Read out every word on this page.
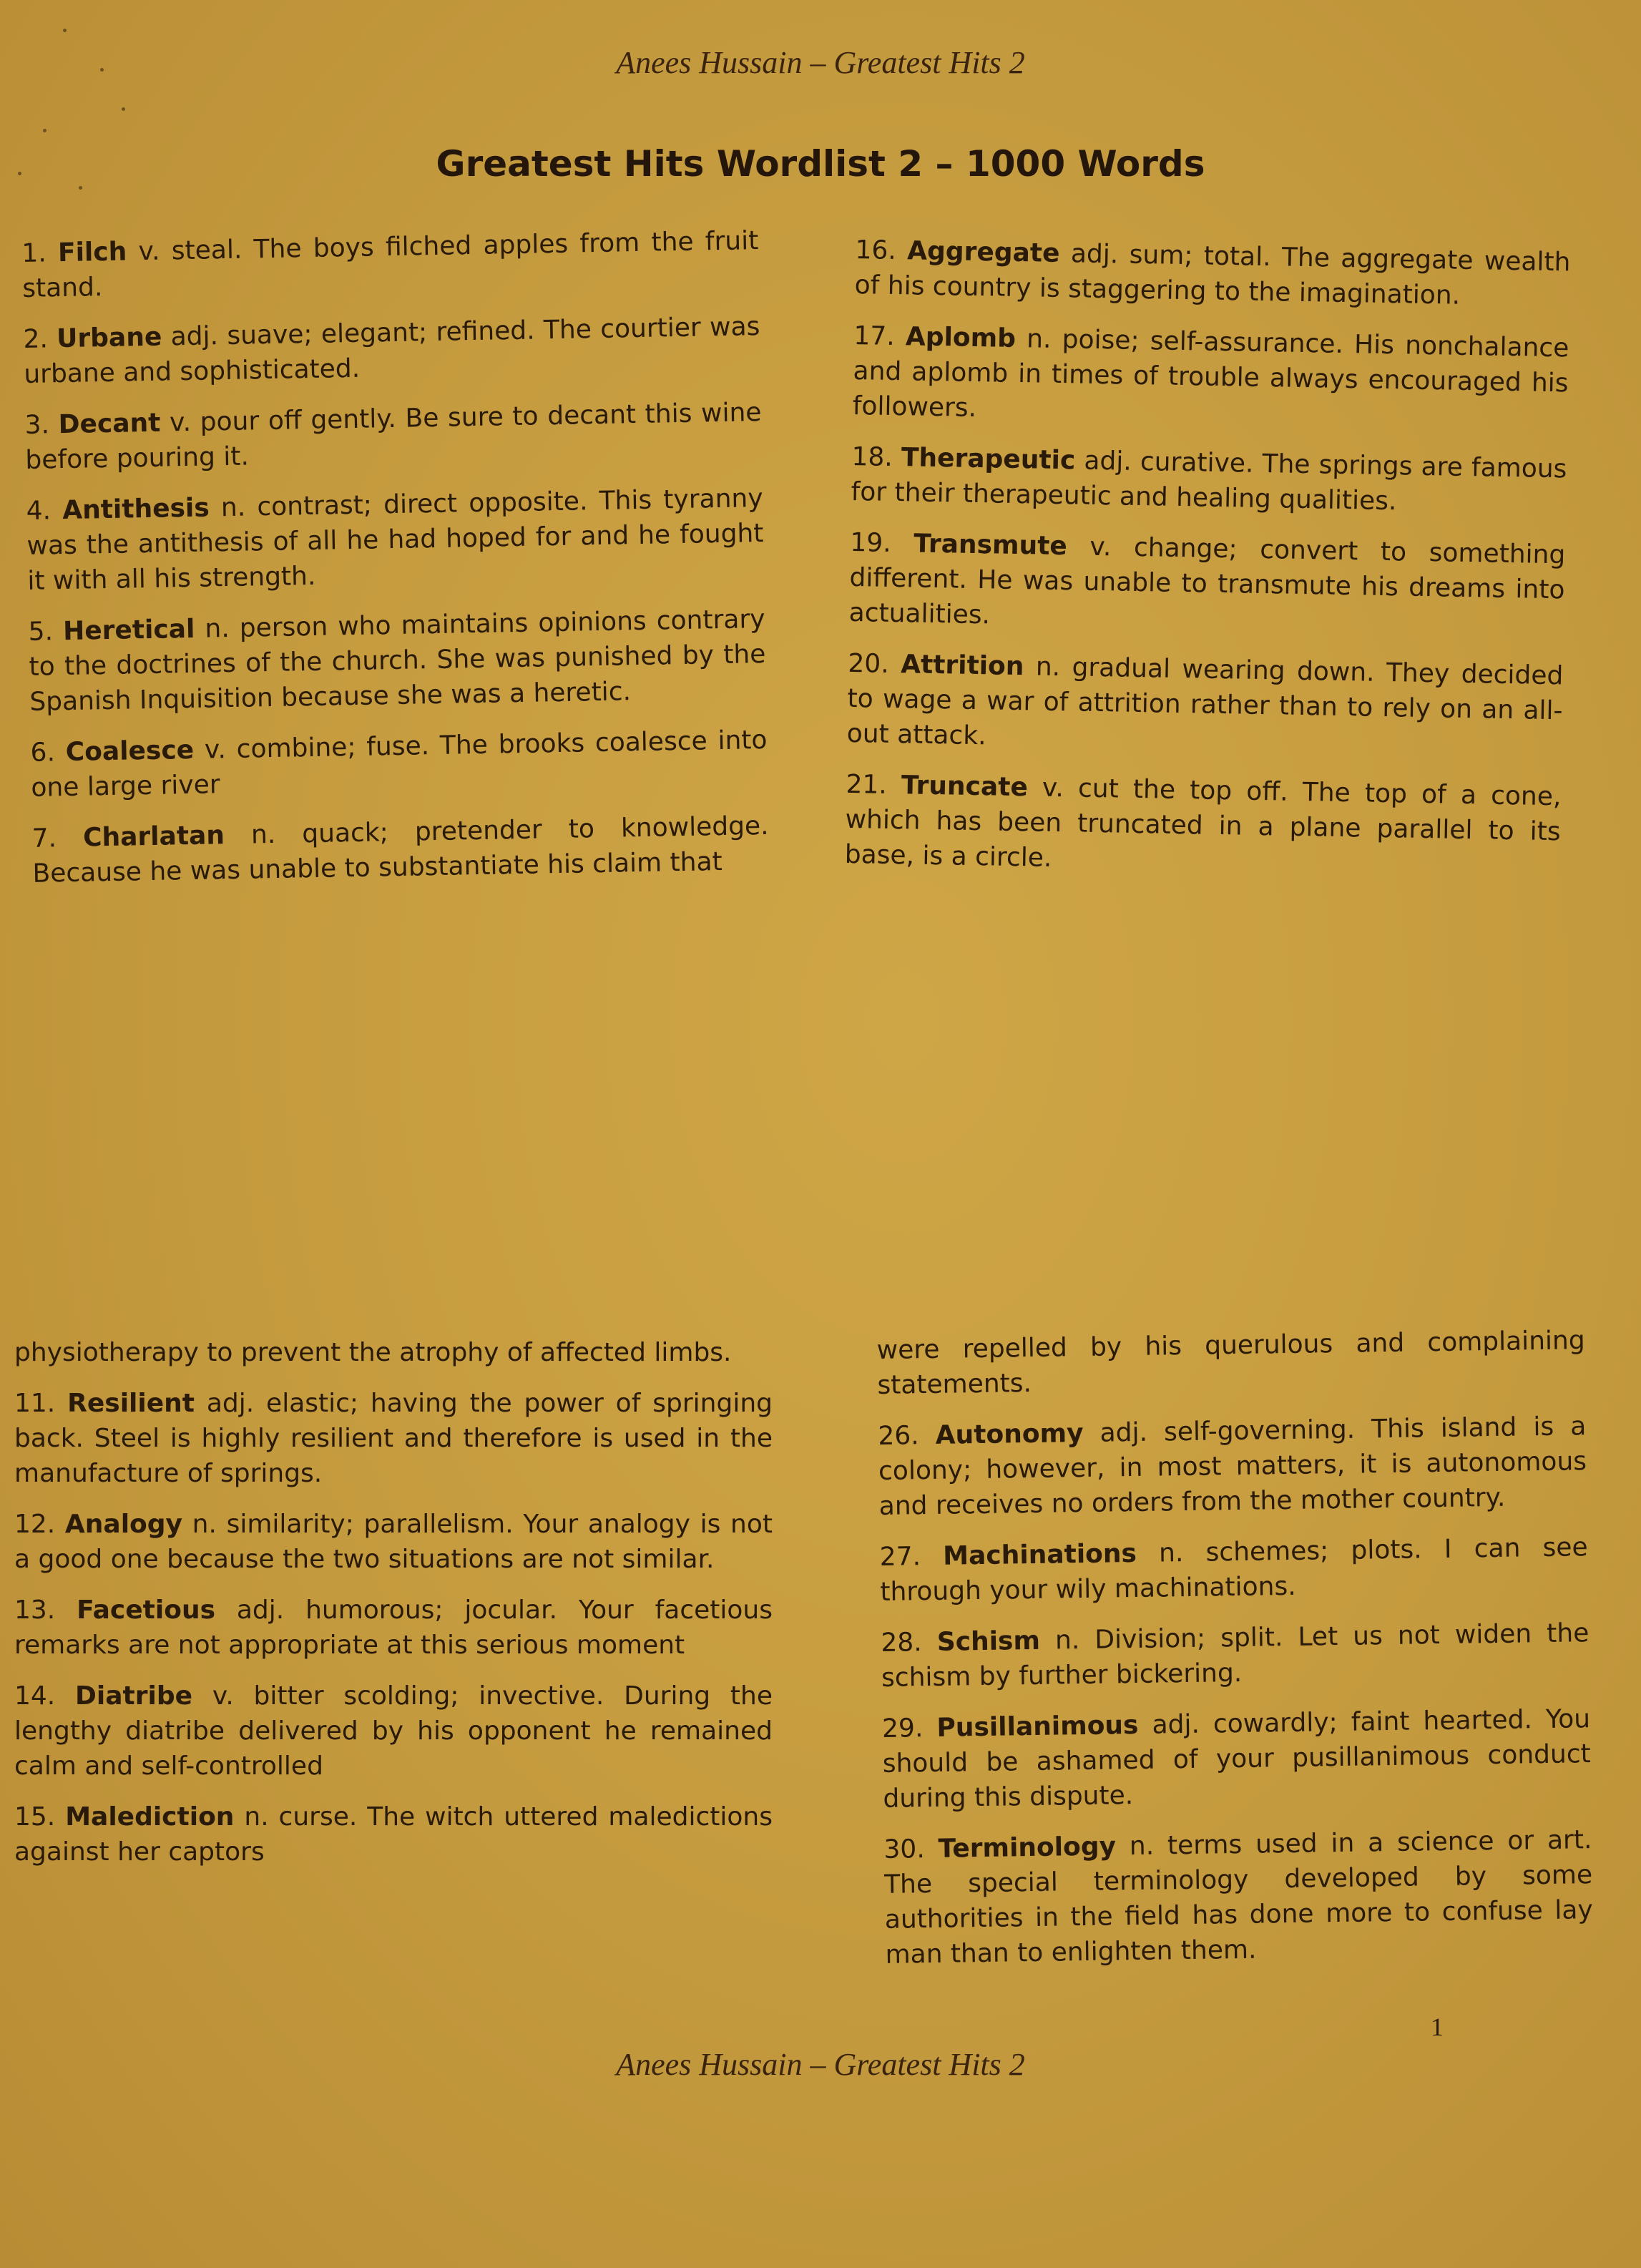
Anees Hussain – Greatest Hits 2
Greatest Hits Wordlist 2 – 1000 Words
1. Filch v. steal. The boys filched apples from the fruit stand.
2. Urbane adj. suave; elegant; refined. The courtier was urbane and sophisticated.
3. Decant v. pour off gently. Be sure to decant this wine before pouring it.
4. Antithesis n. contrast; direct opposite. This tyranny was the antithesis of all he had hoped for and he fought it with all his strength.
5. Heretical n. person who maintains opinions contrary to the doctrines of the church. She was punished by the Spanish Inquisition because she was a heretic.
6. Coalesce v. combine; fuse. The brooks coalesce into one large river
7. Charlatan n. quack; pretender to knowledge. Because he was unable to substantiate his claim that
16. Aggregate adj. sum; total. The aggregate wealth of his country is staggering to the imagination.
17. Aplomb n. poise; self-assurance. His nonchalance and aplomb in times of trouble always encouraged his followers.
18. Therapeutic adj. curative. The springs are famous for their therapeutic and healing qualities.
19. Transmute v. change; convert to something different. He was unable to transmute his dreams into actualities.
20. Attrition n. gradual wearing down. They decided to wage a war of attrition rather than to rely on an all-out attack.
21. Truncate v. cut the top off. The top of a cone, which has been truncated in a plane parallel to its base, is a circle.
physiotherapy to prevent the atrophy of affected limbs.
11. Resilient adj. elastic; having the power of springing back. Steel is highly resilient and therefore is used in the manufacture of springs.
12. Analogy n. similarity; parallelism. Your analogy is not a good one because the two situations are not similar.
13. Facetious adj. humorous; jocular. Your facetious remarks are not appropriate at this serious moment
14. Diatribe v. bitter scolding; invective. During the lengthy diatribe delivered by his opponent he remained calm and self-controlled
15. Malediction n. curse. The witch uttered maledictions against her captors
were repelled by his querulous and complaining statements.
26. Autonomy adj. self-governing. This island is a colony; however, in most matters, it is autonomous and receives no orders from the mother country.
27. Machinations n. schemes; plots. I can see through your wily machinations.
28. Schism n. Division; split. Let us not widen the schism by further bickering.
29. Pusillanimous adj. cowardly; faint hearted. You should be ashamed of your pusillanimous conduct during this dispute.
30. Terminology n. terms used in a science or art. The special terminology developed by some authorities in the field has done more to confuse lay man than to enlighten them.
1
Anees Hussain – Greatest Hits 2
